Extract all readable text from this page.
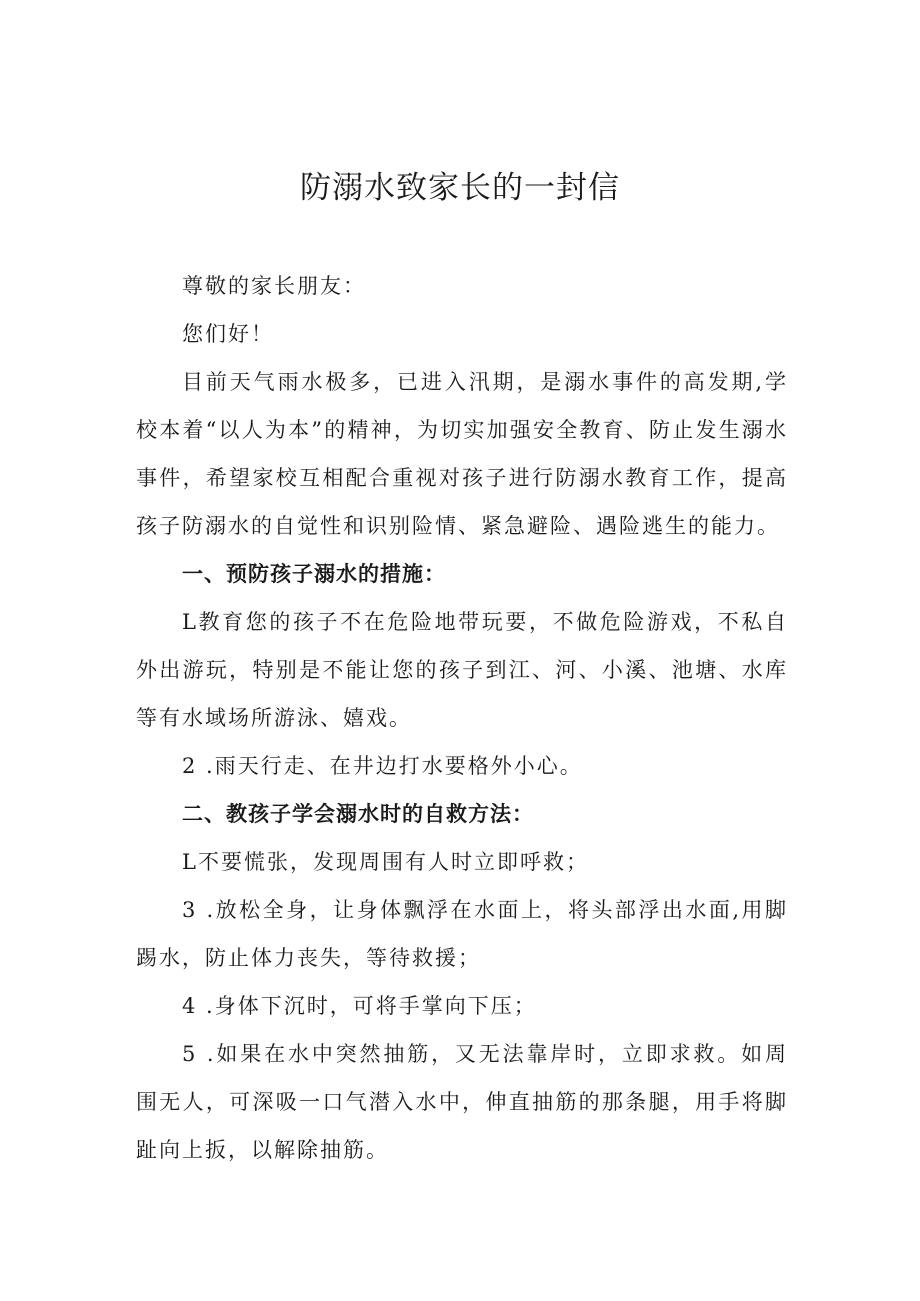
防溺水致家长的一封信

尊敬的家长朋友：

您们好！

目前天气雨水极多，已进入汛期，是溺水事件的高发期,学校本着“以人为本”的精神，为切实加强安全教育、防止发生溺水事件，希望家校互相配合重视对孩子进行防溺水教育工作，提高孩子防溺水的自觉性和识别险情、紧急避险、遇险逃生的能力。

一、预防孩子溺水的措施：

L教育您的孩子不在危险地带玩要，不做危险游戏，不私自外出游玩，特别是不能让您的孩子到江、河、小溪、池塘、水库等有水域场所游泳、嬉戏。

2 .雨天行走、在井边打水要格外小心。

二、教孩子学会溺水时的自救方法：

L不要慌张，发现周围有人时立即呼救；

3 .放松全身，让身体飘浮在水面上，将头部浮出水面,用脚踢水，防止体力丧失，等待救援；

4 .身体下沉时，可将手掌向下压；

5 .如果在水中突然抽筋，又无法靠岸时，立即求救。如周围无人，可深吸一口气潜入水中，伸直抽筋的那条腿，用手将脚趾向上扳，以解除抽筋。
